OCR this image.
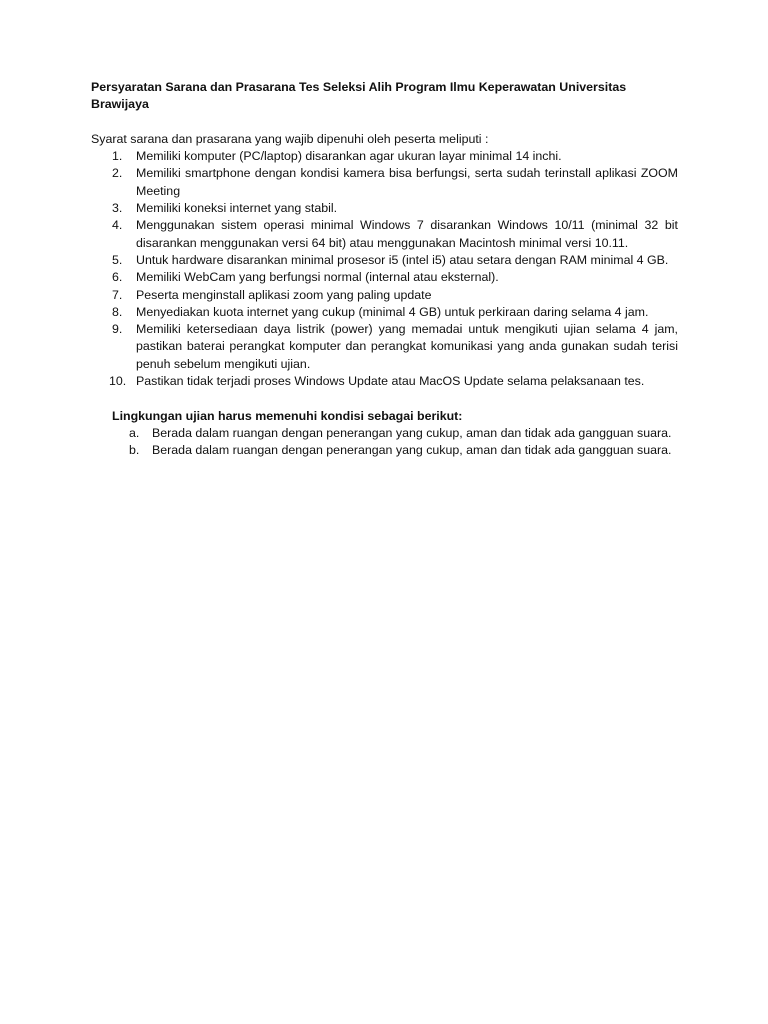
Persyaratan Sarana dan Prasarana Tes Seleksi Alih Program Ilmu Keperawatan Universitas Brawijaya

Syarat sarana dan prasarana yang wajib dipenuhi oleh peserta meliputi :

1.	Memiliki komputer (PC/laptop) disarankan agar ukuran layar minimal 14 inchi.
2.	Memiliki smartphone dengan kondisi kamera bisa berfungsi, serta sudah terinstall aplikasi ZOOM Meeting
3.	Memiliki koneksi internet yang stabil.
4.	Menggunakan sistem operasi minimal Windows 7 disarankan Windows 10/11 (minimal 32 bit disarankan menggunakan versi 64 bit) atau menggunakan Macintosh minimal versi 10.11.
5.	Untuk hardware disarankan minimal prosesor i5 (intel i5) atau setara dengan RAM minimal 4 GB.
6.	Memiliki WebCam yang berfungsi normal (internal atau eksternal).
7.	Peserta menginstall aplikasi zoom yang paling update
8.	Menyediakan kuota internet yang cukup (minimal 4 GB) untuk perkiraan daring selama 4 jam.
9.	Memiliki ketersediaan daya listrik (power) yang memadai untuk mengikuti ujian selama 4 jam, pastikan baterai perangkat komputer dan perangkat komunikasi yang anda gunakan sudah terisi penuh sebelum mengikuti ujian.
10. Pastikan tidak terjadi proses Windows Update atau MacOS Update selama pelaksanaan tes.

Lingkungan ujian harus memenuhi kondisi sebagai berikut:

a.	Berada dalam ruangan dengan penerangan yang cukup, aman dan tidak ada gangguan suara.
b.	Berada dalam ruangan dengan penerangan yang cukup, aman dan tidak ada gangguan suara.
